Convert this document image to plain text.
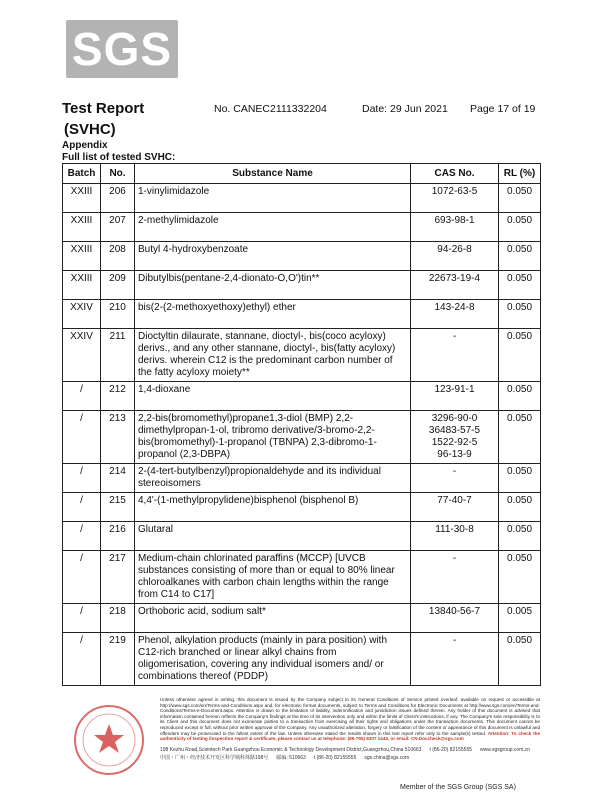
SGS
Test Report
(SVHC)
No. CANEC2111332204	Date: 29 Jun 2021 Page 17 of 19
Appendix
Full list of tested SVHC:
Batch	No.	Substance Name	CAS No.	RL (%)
XXIII	206	1-vinylimidazole	1072-63-5	0.050
XXIII	207	2-methylimidazole	693-98-1	0.050
XXIII	208	Butyl 4-hydroxybenzoate	94-26-8	0.050
XXIII	209	Dibutylbis(pentane-2,4-dionato-O,O')tin**	22673-19-4	0.050
XXIV	210	bis(2-(2-methoxyethoxy)ethyl) ether	143-24-8	0.050
XXIV	211	Dioctyltin dilaurate, stannane, dioctyl-, bis(coco acyloxy) derivs., and any other stannane, dioctyl-, bis(fatty acyloxy) derivs. wherein C12 is the predominant carbon number of the fatty acyloxy moiety**	-	0.050
/	212	1,4-dioxane	123-91-1	0.050
/	213	2,2-bis(bromomethyl)propane1,3-diol (BMP) 2,2-dimethylpropan-1-ol, tribromo derivative/3-bromo-2,2-bis(bromomethyl)-1-propanol (TBNPA) 2,3-dibromo-1-propanol (2,3-DBPA)	3296-90-0
36483-57-5
1522-92-5
96-13-9	0.050
/	214	2-(4-tert-butylbenzyl)propionaldehyde and its individual stereoisomers	-	0.050
/	215	4,4'-(1-methylpropylidene)bisphenol (bisphenol B)	77-40-7	0.050
/	216	Glutaral	111-30-8	0.050
/	217	Medium-chain chlorinated paraffins (MCCP) [UVCB substances consisting of more than or equal to 80% linear chloroalkanes with carbon chain lengths within the range from C14 to C17]	-	0.050
/	218	Orthoboric acid, sodium salt*	13840-56-7	0.005
/	219	Phenol, alkylation products (mainly in para position) with C12-rich branched or linear alkyl chains from oligomerisation, covering any individual isomers and/ or combinations thereof (PDDP)	-	0.050
Unless otherwise agreed in writing, this document is issued by the Company subject to its General Conditions of Service printed overleaf, available on request or accessible at http://www.sgs.com/en/Terms-and-Conditions.aspx and, for electronic format documents, subject to Terms and Conditions for Electronic Documents at http://www.sgs.com/en/Terms-and-Conditions/Terms-e-Document.aspx. Attention is drawn to the limitation of liability, indemnification and jurisdiction issues defined therein. Any holder of this document is advised that information contained hereon reflects the Company's findings at the time of its intervention only and within the limits of Client's instructions, if any. The Company's sole responsibility is to its Client and this document does not exonerate parties to a transaction from exercising all their rights and obligations under the transaction documents. This document cannot be reproduced except in full, without prior written approval of the Company. Any unauthorized alteration, forgery or falsification of the content or appearance of this document is unlawful and offenders may be prosecuted to the fullest extent of the law. Unless otherwise stated the results shown in this test report refer only to the sample(s) tested. Attention: To check the authenticity of testing /inspection report & certificate, please contact us at telephone: (86-755) 8307 1443, or email: CN.Doccheck@sgs.com
198 Kezhu Road,Scientech Park Guangzhou Economic & Technology Development District,Guangzhou,China 510663 t (86-20) 82155555 www.sgsgroup.com.cn
中国・广州・经济技术开发区科学城科珠路198号 邮编: 510663 t (86-20) 82155555 sgs.china@sgs.com
Member of the SGS Group (SGS SA)
